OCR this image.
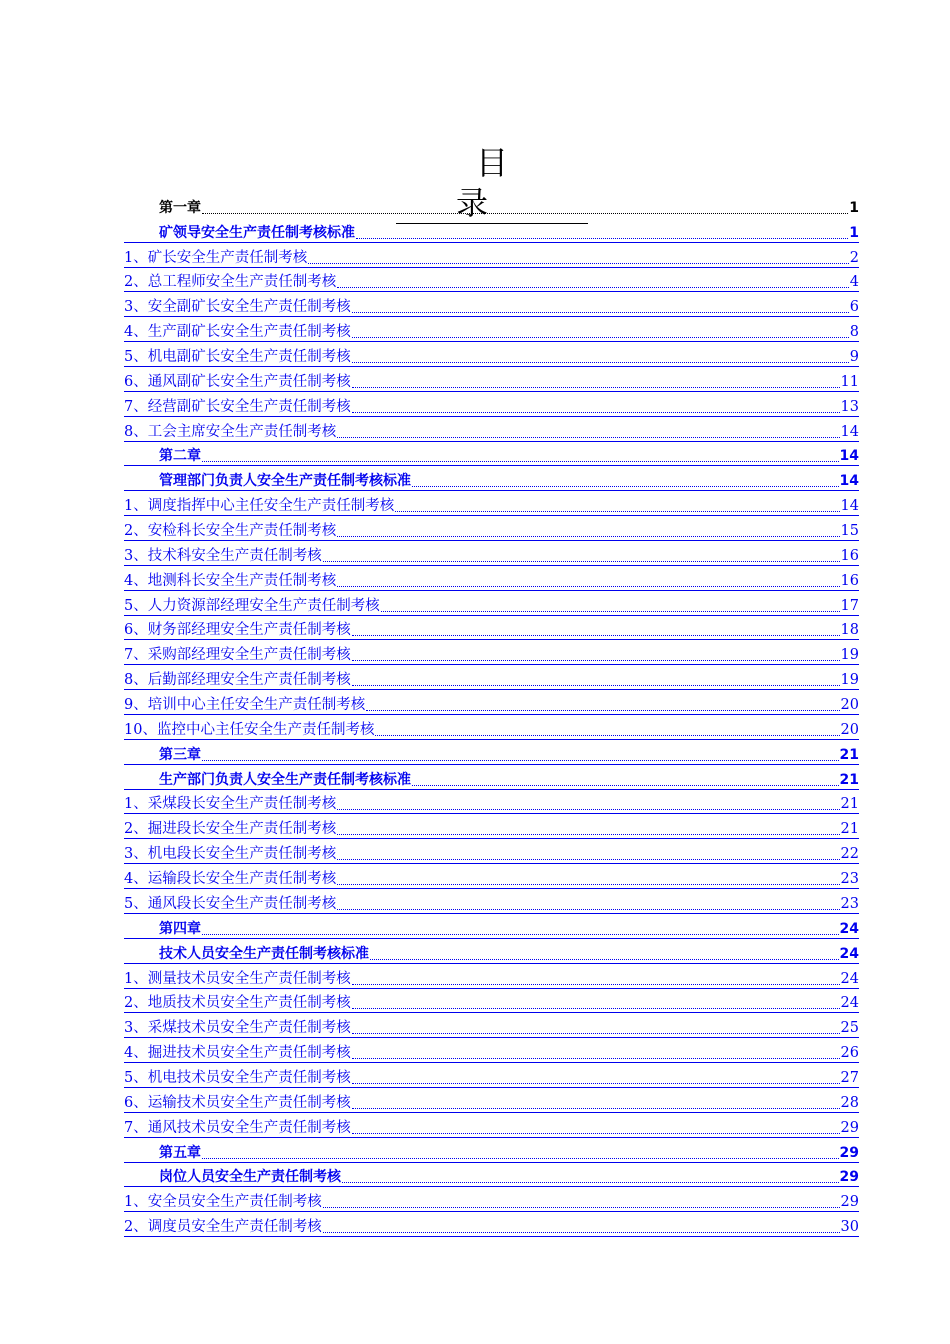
目 录
第一章	1
矿领导安全生产责任制考核标准	1
1、矿长安全生产责任制考核	2
2、总工程师安全生产责任制考核	4
3、安全副矿长安全生产责任制考核	6
4、生产副矿长安全生产责任制考核	8
5、机电副矿长安全生产责任制考核	9
6、通风副矿长安全生产责任制考核	11
7、经营副矿长安全生产责任制考核	13
8、工会主席安全生产责任制考核	14
第二章	14
管理部门负责人安全生产责任制考核标准	14
1、调度指挥中心主任安全生产责任制考核	14
2、安检科长安全生产责任制考核	15
3、技术科安全生产责任制考核	16
4、地测科长安全生产责任制考核	16
5、人力资源部经理安全生产责任制考核	17
6、财务部经理安全生产责任制考核	18
7、采购部经理安全生产责任制考核	19
8、后勤部经理安全生产责任制考核	19
9、培训中心主任安全生产责任制考核	20
10、监控中心主任安全生产责任制考核	20
第三章	21
生产部门负责人安全生产责任制考核标准	21
1、采煤段长安全生产责任制考核	21
2、掘进段长安全生产责任制考核	21
3、机电段长安全生产责任制考核	22
4、运输段长安全生产责任制考核	23
5、通风段长安全生产责任制考核	23
第四章	24
技术人员安全生产责任制考核标准	24
1、测量技术员安全生产责任制考核	24
2、地质技术员安全生产责任制考核	24
3、采煤技术员安全生产责任制考核	25
4、掘进技术员安全生产责任制考核	26
5、机电技术员安全生产责任制考核	27
6、运输技术员安全生产责任制考核	28
7、通风技术员安全生产责任制考核	29
第五章	29
岗位人员安全生产责任制考核	29
1、安全员安全生产责任制考核	29
2、调度员安全生产责任制考核	30
